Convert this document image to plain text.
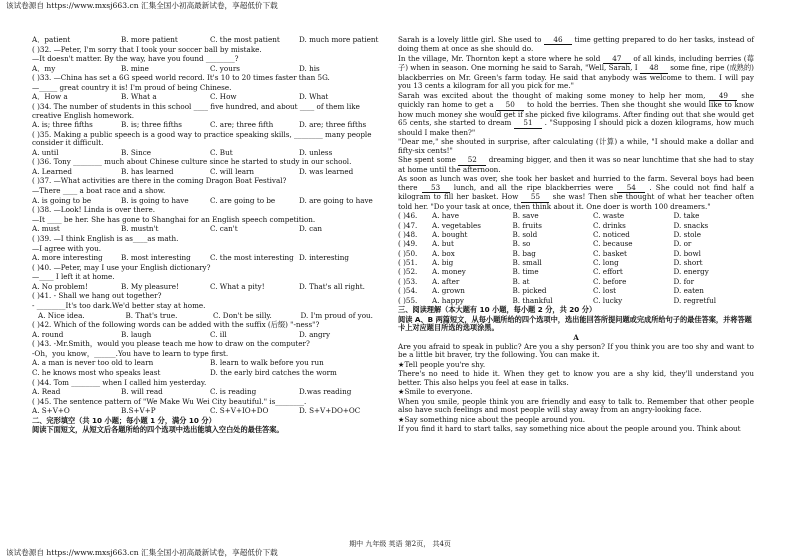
该试卷源自 https://www.mxsj663.cn 汇集全国小初高最新试卷，享超低价下载
A．patient	B. more patient	C. the most patient	D. much more patient
( )32. —Peter, I'm sorry that I took your soccer ball by mistake.
—It doesn't matter. By the way, have you found ________?
A．my	B. mine	C. yours	D. his
( )33. —China has set a 6G speed world record. It's 10 to 20 times faster than 5G.
—_____ great country it is! I'm proud of being Chinese.
A．How a	B. What a	C. How	D. What
( )34. The number of students in this school ____ five hundred, and about ____ of them like creative English homework.
A. is; three fifths	B. is; three fifths	C. are; three fifth	D. are; three fifths
( )35. Making a public speech is a good way to practice speaking skills, ________ many people consider it difficult.
A. until	B. Since	C. But	D. unless
( )36. Tony ________ much about Chinese culture since he started to study in our school.
A. Learned	B. has learned	C. will learn	D. was learned
( )37. —What activities are there in the coming Dragon Boat Festival?
—There ____ a boat race and a show.
A. is going to be	B. is going to have	C. are going to be	D. are going to have
( )38. —Look! Linda is over there.
—It ____ be her. She has gone to Shanghai for an English speech competition.
A. must	B. mustn't	C. can't	D. can
( )39. —I think English is as____as math.
—I agree with you.
A. more interesting	B. most interesting	C. the most interesting D. interesting
( )40. —Peter, may I use your English dictionary?
—____ I left it at home.
A. No problem!	B. My pleasure!	C. What a pity!	D. That's all right.
( )41. - Shall we hang out together?
- ________It's too dark.We'd better stay at home.
A. Nice idea.	B. That's true.	C. Don't be silly.	D. I'm proud of you.
( )42. Which of the following words can be added with the suffix (后缀) "-ness"?
A. round	B. laugh	C. ill	D. angry
( )43. -Mr.Smith，would you please teach me how to draw on the computer?
-Oh，you know，______.You have to learn to type first.
A. a man is never too old to learn	B. learn to walk before you run
C. he knows most who speaks least	D. the early bird catches the worm
( )44. Tom ________ when I called him yesterday.
A. Read	B. will read	C. is reading	D.was reading
( )45. The sentence pattern of "We Make Wu Wei City beautiful." is________.
A. S+V+O	B.S+V+P	C. S+V+IO+DO	D. S+V+DO+OC
二、完形填空（共 10 小题；每小题 1 分，满分 10 分）
阅读下面短文，从短文后各题所给的四个选项中选出能填入空白处的最佳答案。
Sarah is a lovely little girl. She used to 46 time getting prepared to do her tasks, instead of doing them at once as she should do.
In the village, Mr. Thornton kept a store where he sold 47 of all kinds, including berries (莓子) when in season. One morning he said to Sarah, "Well, Sarah, I 48 some fine, ripe (成熟的) blackberries on Mr. Green's farm today. He said that anybody was welcome to them. I will pay you 13 cents a kilogram for all you pick for me."
Sarah was excited about the thought of making some money to help her mom, 49 she quickly ran home to get a 50 to hold the berries. Then she thought she would like to know how much money she would get if she picked five kilograms. After finding out that she would get 65 cents, she started to dream 51 . "Supposing I should pick a dozen kilograms, how much should I make then?"
"Dear me," she shouted in surprise, after calculating (计算) a while, "I should make a dollar and fifty-six cents!"
She spent some 52 dreaming bigger, and then it was so near lunchtime that she had to stay at home until the afternoon.
As soon as lunch was over, she took her basket and hurried to the farm. Several boys had been there 53 lunch, and all the ripe blackberries were 54 . She could not find half a kilogram to fill her basket. How 55 she was! Then she thought of what her teacher often told her. "Do your task at once, then think about it. One doer is worth 100 dreamers."
( )46.	A. have	B. save	C. waste	D. take
( )47.	A. vegetables	B. fruits	C. drinks	D. snacks
( )48.	A. bought	B. sold	C. noticed	D. stole
( )49.	A. but	B. so	C. because	D. or
( )50.	A. box	B. bag	C. basket	D. bowl
( )51.	A. big	B. small	C. long	D. short
( )52.	A. money	B. time	C. effort	D. energy
( )53.	A. after	B. at	C. before	D. for
( )54.	A. grown	B. picked	C. lost	D. eaten
( )55.	A. happy	B. thankful	C. lucky	D. regretful
三、阅读理解（本大题有 10 小题，每小题 2 分，共 20 分）
阅读 A、B 两篇短文，从每小题所给的四个选项中，选出能回答所提问题或完成所给句子的最佳答案，并将答题卡上对应题目所选的选项涂黑。
A
Are you afraid to speak in public? Are you a shy person? If you think you are too shy and want to be a little bit braver, try the following. You can make it.
★Tell people you're shy.
There's no need to hide it. When they get to know you are a shy kid, they'll understand you better. This also helps you feel at ease in talks.
★Smile to everyone.
When you smile, people think you are friendly and easy to talk to. Remember that other people also have such feelings and most people will stay away from an angry-looking face.
★Say something nice about the people around you.
If you find it hard to start talks, say something nice about the people around you. Think about
期中 九年级 英语 第2页， 共4页
该试卷源自 https://www.mxsj663.cn 汇集全国小初高最新试卷，享超低价下载
